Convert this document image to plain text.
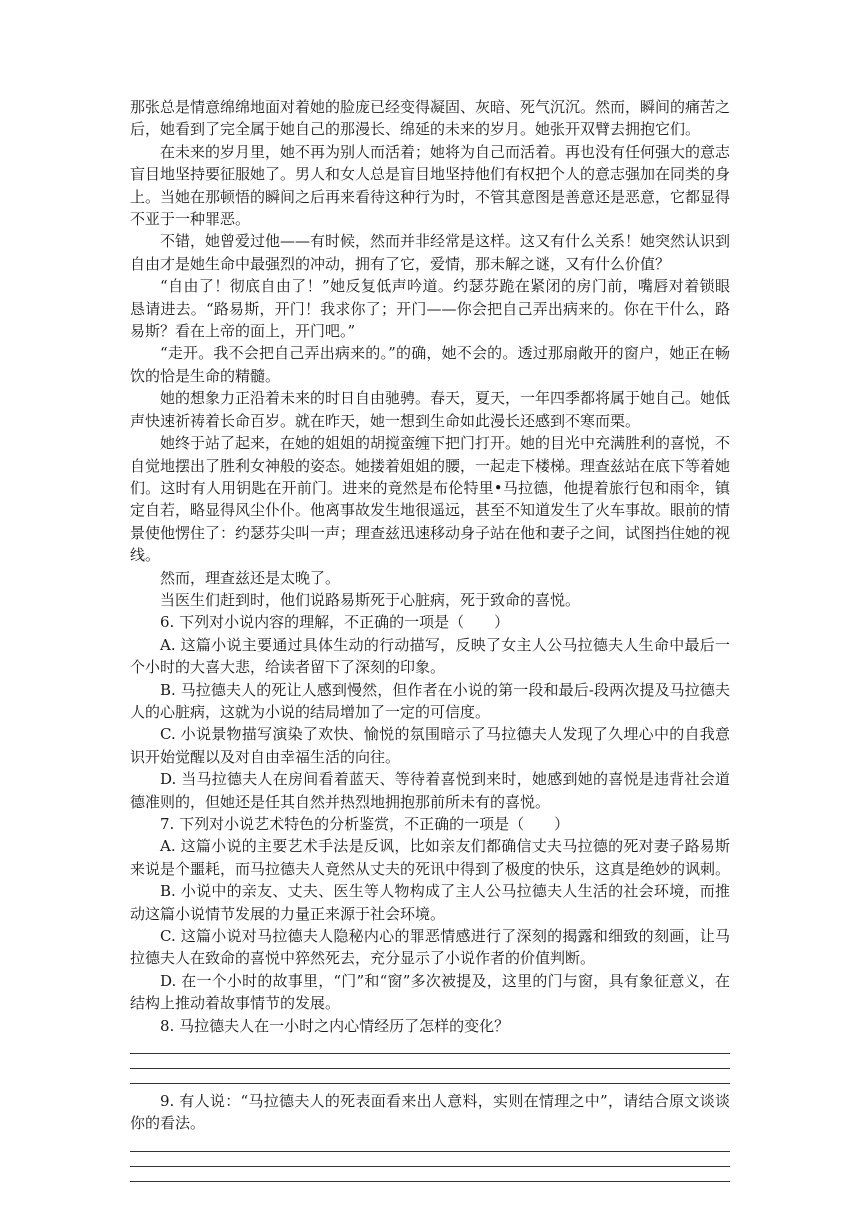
那张总是情意绵绵地面对着她的脸庞已经变得凝固、灰暗、死气沉沉。然而，瞬间的痛苦之后，她看到了完全属于她自己的那漫长、绵延的未来的岁月。她张开双臂去拥抱它们。

在未来的岁月里，她不再为别人而活着；她将为自己而活着。再也没有任何强大的意志盲目地坚持要征服她了。男人和女人总是盲目地坚持他们有权把个人的意志强加在同类的身上。当她在那顿悟的瞬间之后再来看待这种行为时，不管其意图是善意还是恶意，它都显得不亚于一种罪恶。

不错，她曾爱过他——有时候，然而并非经常是这样。这又有什么关系！她突然认识到自由才是她生命中最强烈的冲动，拥有了它，爱情，那未解之谜，又有什么价值？

“自由了！彻底自由了！”她反复低声吟道。约瑟芬跪在紧闭的房门前，嘴唇对着锁眼恳请进去。“路易斯，开门！我求你了；开门——你会把自己弄出病来的。你在干什么，路易斯？看在上帝的面上，开门吧。”

“走开。我不会把自己弄出病来的。”的确，她不会的。透过那扇敞开的窗户，她正在畅饮的恰是生命的精髓。

她的想象力正沿着未来的时日自由驰骋。春天，夏天，一年四季都将属于她自己。她低声快速祈祷着长命百岁。就在昨天，她一想到生命如此漫长还感到不寒而栗。

她终于站了起来，在她的姐姐的胡搅蛮缠下把门打开。她的目光中充满胜利的喜悦，不自觉地摆出了胜利女神般的姿态。她搂着姐姐的腰，一起走下楼梯。理查兹站在底下等着她们。这时有人用钥匙在开前门。进来的竟然是布伦特里•马拉德，他提着旅行包和雨伞，镇定自若，略显得风尘仆仆。他离事故发生地很遥远，甚至不知道发生了火车事故。眼前的情景使他愣住了：约瑟芬尖叫一声；理查兹迅速移动身子站在他和妻子之间，试图挡住她的视线。

然而，理查兹还是太晚了。

当医生们赶到时，他们说路易斯死于心脏病，死于致命的喜悦。

6. 下列对小说内容的理解，不正确的一项是（　　）

A. 这篇小说主要通过具体生动的行动描写，反映了女主人公马拉德夫人生命中最后一个小时的大喜大悲，给读者留下了深刻的印象。

B. 马拉德夫人的死让人感到慢然，但作者在小说的第一段和最后-段两次提及马拉德夫人的心脏病，这就为小说的结局增加了一定的可信度。

C. 小说景物描写演染了欢快、愉悦的氛围暗示了马拉德夫人发现了久埋心中的自我意识开始觉醒以及对自由幸福生活的向往。

D. 当马拉德夫人在房间看着蓝天、等待着喜悦到来时，她感到她的喜悦是违背社会道德准则的，但她还是任其自然并热烈地拥抱那前所未有的喜悦。

7. 下列对小说艺术特色的分析鉴赏，不正确的一项是（　　）

A. 这篇小说的主要艺术手法是反讽，比如亲友们都确信丈夫马拉德的死对妻子路易斯来说是个噩耗，而马拉德夫人竟然从丈夫的死讯中得到了极度的快乐，这真是绝妙的讽刺。

B. 小说中的亲友、丈夫、医生等人物构成了主人公马拉德夫人生活的社会环境，而推动这篇小说情节发展的力量正来源于社会环境。

C. 这篇小说对马拉德夫人隐秘内心的罪恶情感进行了深刻的揭露和细致的刻画，让马拉德夫人在致命的喜悦中猝然死去，充分显示了小说作者的价值判断。

D. 在一个小时的故事里，“门”和“窗”多次被提及，这里的门与窗，具有象征意义，在结构上推动着故事情节的发展。

8. 马拉德夫人在一小时之内心情经历了怎样的变化？

9. 有人说：“马拉德夫人的死表面看来出人意料，实则在情理之中”，请结合原文谈谈你的看法。
